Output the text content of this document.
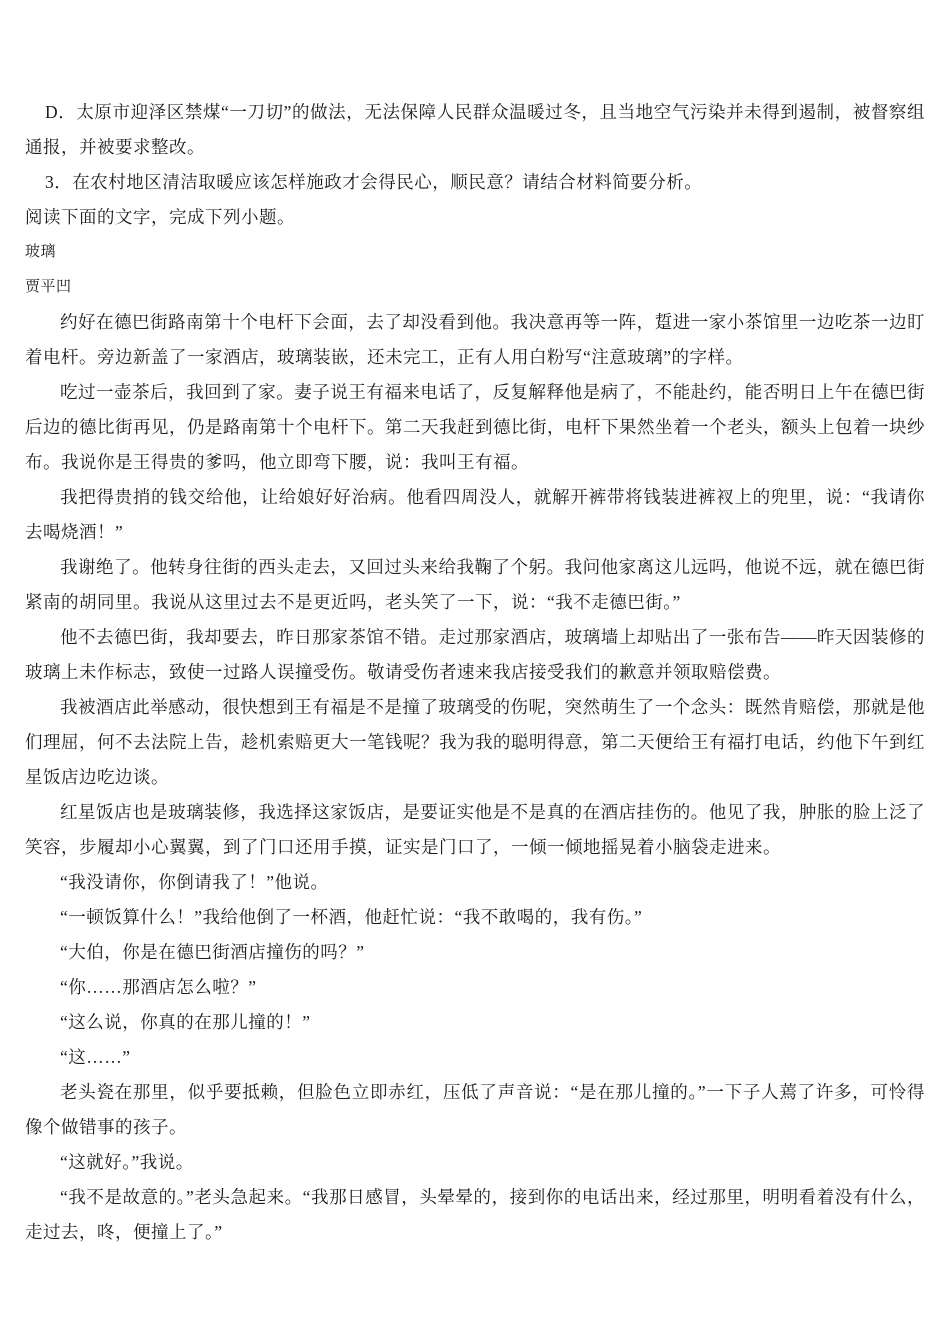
D．太原市迎泽区禁煤“一刀切”的做法，无法保障人民群众温暖过冬，且当地空气污染并未得到遏制，被督察组通报，并被要求整改。

3．在农村地区清洁取暖应该怎样施政才会得民心，顺民意？请结合材料简要分析。

阅读下面的文字，完成下列小题。

玻璃

贾平凹

约好在德巴街路南第十个电杆下会面，去了却没看到他。我决意再等一阵，踅进一家小茶馆里一边吃茶一边盯着电杆。旁边新盖了一家酒店，玻璃装嵌，还未完工，正有人用白粉写“注意玻璃”的字样。

吃过一壶茶后，我回到了家。妻子说王有福来电话了，反复解释他是病了，不能赴约，能否明日上午在德巴街后边的德比街再见，仍是路南第十个电杆下。第二天我赶到德比街，电杆下果然坐着一个老头，额头上包着一块纱布。我说你是王得贵的爹吗，他立即弯下腰，说：我叫王有福。

我把得贵捎的钱交给他，让给娘好好治病。他看四周没人，就解开裤带将钱装进裤衩上的兜里，说：“我请你去喝烧酒！”

我谢绝了。他转身往街的西头走去，又回过头来给我鞠了个躬。我问他家离这儿远吗，他说不远，就在德巴街紧南的胡同里。我说从这里过去不是更近吗，老头笑了一下，说：“我不走德巴街。”

他不去德巴街，我却要去，昨日那家茶馆不错。走过那家酒店，玻璃墙上却贴出了一张布告——昨天因装修的玻璃上未作标志，致使一过路人误撞受伤。敬请受伤者速来我店接受我们的歉意并领取赔偿费。

我被酒店此举感动，很快想到王有福是不是撞了玻璃受的伤呢，突然萌生了一个念头：既然肯赔偿，那就是他们理屈，何不去法院上告，趁机索赔更大一笔钱呢？我为我的聪明得意，第二天便给王有福打电话，约他下午到红星饭店边吃边谈。

红星饭店也是玻璃装修，我选择这家饭店，是要证实他是不是真的在酒店挂伤的。他见了我，肿胀的脸上泛了笑容，步履却小心翼翼，到了门口还用手摸，证实是门口了，一倾一倾地摇晃着小脑袋走进来。

“我没请你，你倒请我了！”他说。

“一顿饭算什么！”我给他倒了一杯酒，他赶忙说：“我不敢喝的，我有伤。”

“大伯，你是在德巴街酒店撞伤的吗？”

“你……那酒店怎么啦？”

“这么说，你真的在那儿撞的！”

“这……”

老头瓷在那里，似乎要抵赖，但脸色立即赤红，压低了声音说：“是在那儿撞的。”一下子人蔫了许多，可怜得像个做错事的孩子。

“这就好。”我说。

“我不是故意的。”老头急起来。“我那日感冒，头晕晕的，接到你的电话出来，经过那里，明明看着没有什么，走过去，咚，便撞上了。”
